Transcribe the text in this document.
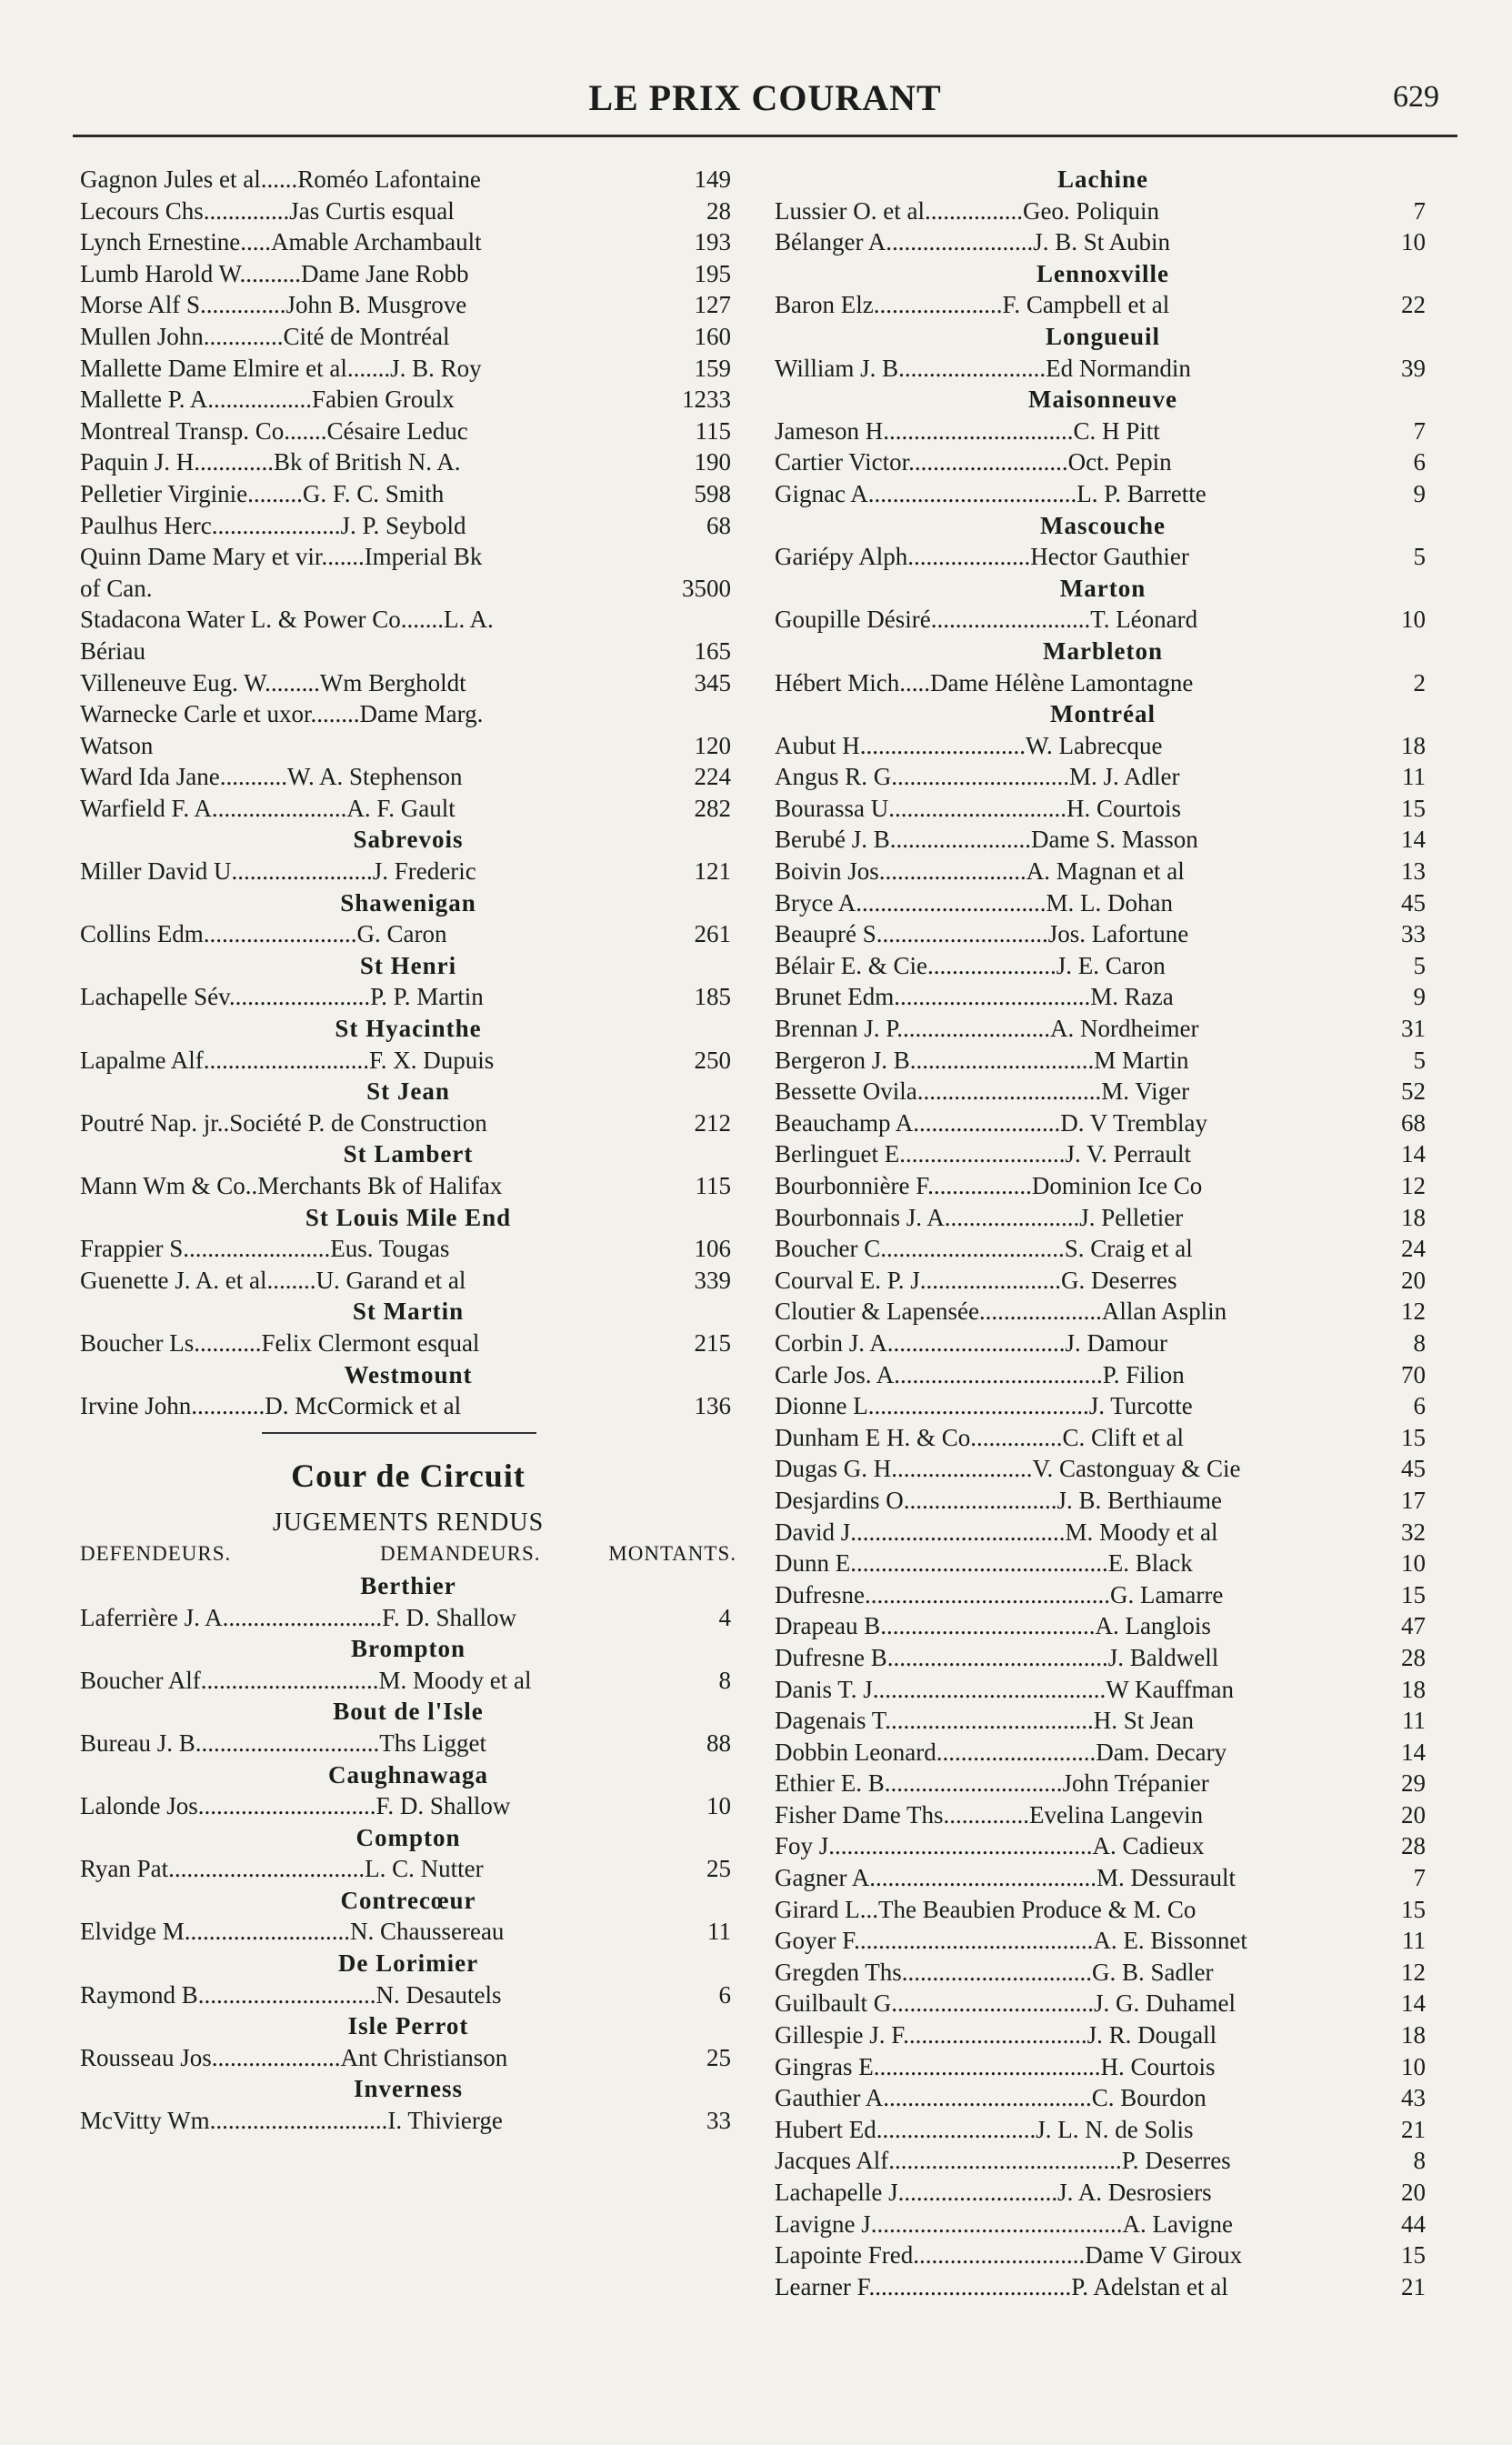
LE PRIX COURANT	629
Gagnon Jules et al......Roméo Lafontaine	149
Lecours Chs..............Jas Curtis esqual	28
Lynch Ernestine.....Amable Archambault	193
Lumb Harold W..........Dame Jane Robb	195
Morse Alf S..............John B. Musgrove	127
Mullen John.............Cité de Montréal	160
Mallette Dame Elmire et al.......J. B. Roy	159
Mallette P. A.................Fabien Groulx	1233
Montreal Transp. Co.......Césaire Leduc	115
Paquin J. H.............Bk of British N. A.	190
Pelletier Virginie.........G. F. C. Smith	598
Paulhus Herc.....................J. P. Seybold	68
Quinn Dame Mary et vir.......Imperial Bk
of Can.	3500
Stadacona Water L. & Power Co.......L. A.
Bériau	165
Villeneuve Eug. W.........Wm Bergholdt	345
Warnecke Carle et uxor........Dame Marg.
Watson	120
Ward Ida Jane...........W. A. Stephenson	224
Warfield F. A......................A. F. Gault	282
Sabrevois
Miller David U.......................J. Frederic	121
Shawenigan
Collins Edm.........................G. Caron	261
St Henri
Lachapelle Sév.......................P. P. Martin	185
St Hyacinthe
Lapalme Alf...........................F. X. Dupuis	250
St Jean
Poutré Nap. jr..Société P. de Construction	212
St Lambert
Mann Wm & Co..Merchants Bk of Halifax	115
St Louis Mile End
Frappier S........................Eus. Tougas	106
Guenette J. A. et al........U. Garand et al	339
St Martin
Boucher Ls...........Felix Clermont esqual	215
Westmount
Irvine John............D. McCormick et al	136
Cour de Circuit
JUGEMENTS RENDUS
DEFENDEURS.	DEMANDEURS.	MONTANTS.
Berthier
Laferrière J. A..........................F. D. Shallow	4
Brompton
Boucher Alf.............................M. Moody et al	8
Bout de l'Isle
Bureau J. B..............................Ths Ligget	88
Caughnawaga
Lalonde Jos.............................F. D. Shallow	10
Compton
Ryan Pat................................L. C. Nutter	25
Contrecœur
Elvidge M...........................N. Chaussereau	11
De Lorimier
Raymond B.............................N. Desautels	6
Isle Perrot
Rousseau Jos.....................Ant Christianson	25
Inverness
McVitty Wm.............................I. Thivierge	33
Lachine
Lussier O. et al................Geo. Poliquin	7
Bélanger A........................J. B. St Aubin	10
Lennoxville
Baron Elz.....................F. Campbell et al	22
Longueuil
William J. B........................Ed Normandin	39
Maisonneuve
Jameson H...............................C. H Pitt	7
Cartier Victor..........................Oct. Pepin	6
Gignac A..................................L. P. Barrette	9
Mascouche
Gariépy Alph....................Hector Gauthier	5
Marton
Goupille Désiré..........................T. Léonard	10
Marbleton
Hébert Mich.....Dame Hélène Lamontagne	2
Montréal
Aubut H...........................W. Labrecque	18
Angus R. G.............................M. J. Adler	11
Bourassa U.............................H. Courtois	15
Berubé J. B.......................Dame S. Masson	14
Boivin Jos........................A. Magnan et al	13
Bryce A...............................M. L. Dohan	45
Beaupré S............................Jos. Lafortune	33
Bélair E. & Cie.....................J. E. Caron	5
Brunet Edm................................M. Raza	9
Brennan J. P.........................A. Nordheimer	31
Bergeron J. B..............................M Martin	5
Bessette Ovila..............................M. Viger	52
Beauchamp A........................D. V Tremblay	68
Berlinguet E...........................J. V. Perrault	14
Bourbonnière F.................Dominion Ice Co	12
Bourbonnais J. A......................J. Pelletier	18
Boucher C..............................S. Craig et al	24
Courval E. P. J.......................G. Deserres	20
Cloutier & Lapensée....................Allan Asplin	12
Corbin J. A.............................J. Damour	8
Carle Jos. A..................................P. Filion	70
Dionne L....................................J. Turcotte	6
Dunham E H. & Co...............C. Clift et al	15
Dugas G. H.......................V. Castonguay & Cie	45
Desjardins O.........................J. B. Berthiaume	17
David J...................................M. Moody et al	32
Dunn E..........................................E. Black	10
Dufresne........................................G. Lamarre	15
Drapeau B...................................A. Langlois	47
Dufresne B....................................J. Baldwell	28
Danis T. J......................................W Kauffman	18
Dagenais T..................................H. St Jean	11
Dobbin Leonard..........................Dam. Decary	14
Ethier E. B.............................John Trépanier	29
Fisher Dame Ths..............Evelina Langevin	20
Foy J...........................................A. Cadieux	28
Gagner A.....................................M. Dessurault	7
Girard L...The Beaubien Produce & M. Co	15
Goyer F.......................................A. E. Bissonnet	11
Gregden Ths...............................G. B. Sadler	12
Guilbault G.................................J. G. Duhamel	14
Gillespie J. F..............................J. R. Dougall	18
Gingras E.....................................H. Courtois	10
Gauthier A..................................C. Bourdon	43
Hubert Ed..........................J. L. N. de Solis	21
Jacques Alf......................................P. Deserres	8
Lachapelle J..........................J. A. Desrosiers	20
Lavigne J.........................................A. Lavigne	44
Lapointe Fred............................Dame V Giroux	15
Learner F.................................P. Adelstan et al	21
